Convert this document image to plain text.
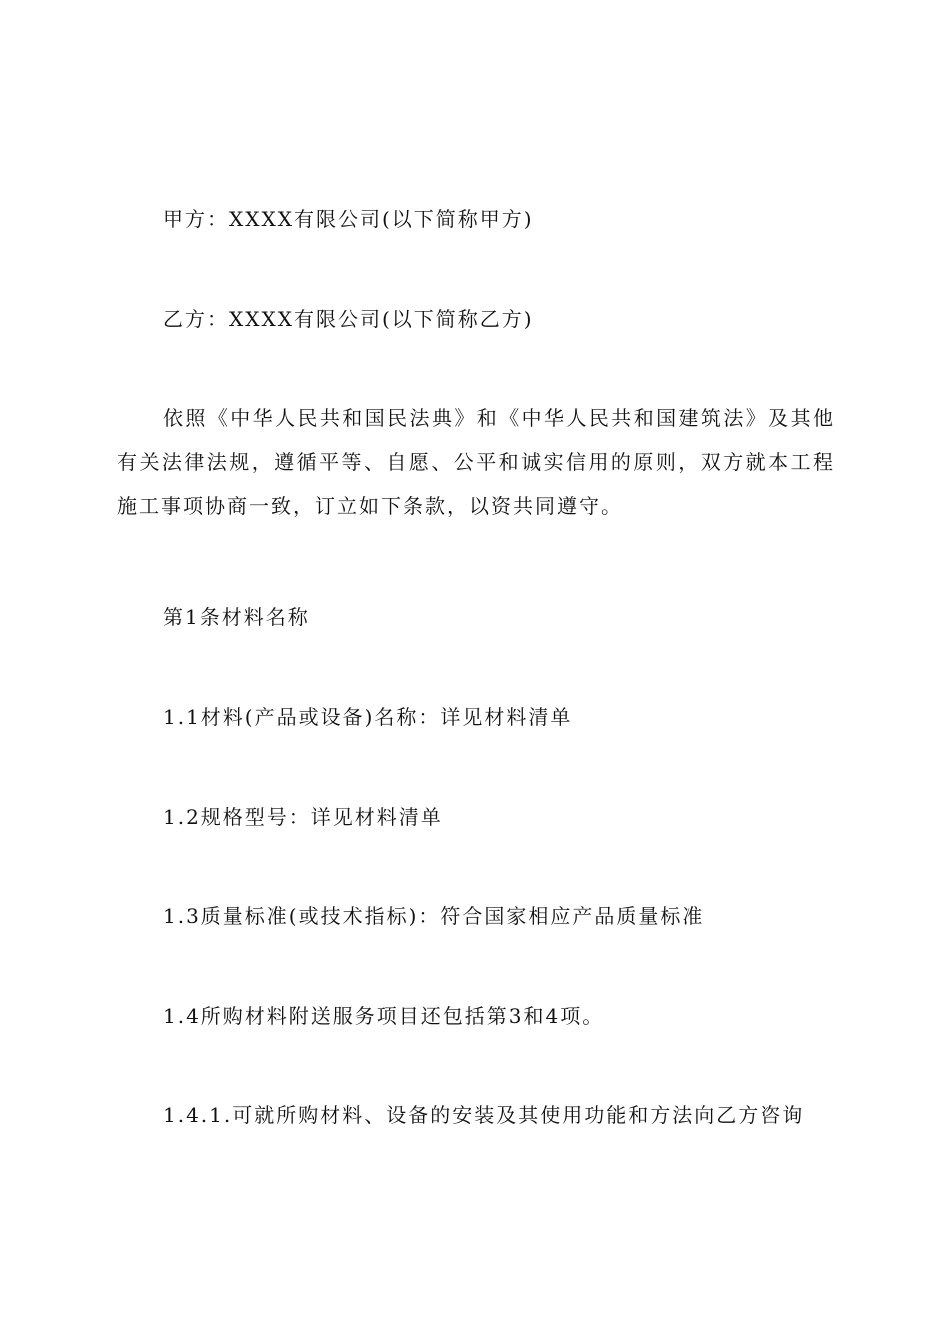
甲方：XXXX有限公司(以下简称甲方)
乙方：XXXX有限公司(以下简称乙方)
依照《中华人民共和国民法典》和《中华人民共和国建筑法》及其他有关法律法规，遵循平等、自愿、公平和诚实信用的原则，双方就本工程施工事项协商一致，订立如下条款，以资共同遵守。
第1条材料名称
1.1材料(产品或设备)名称：详见材料清单
1.2规格型号：详见材料清单
1.3质量标准(或技术指标)：符合国家相应产品质量标准
1.4所购材料附送服务项目还包括第3和4项。
1.4.1.可就所购材料、设备的安装及其使用功能和方法向乙方咨询
